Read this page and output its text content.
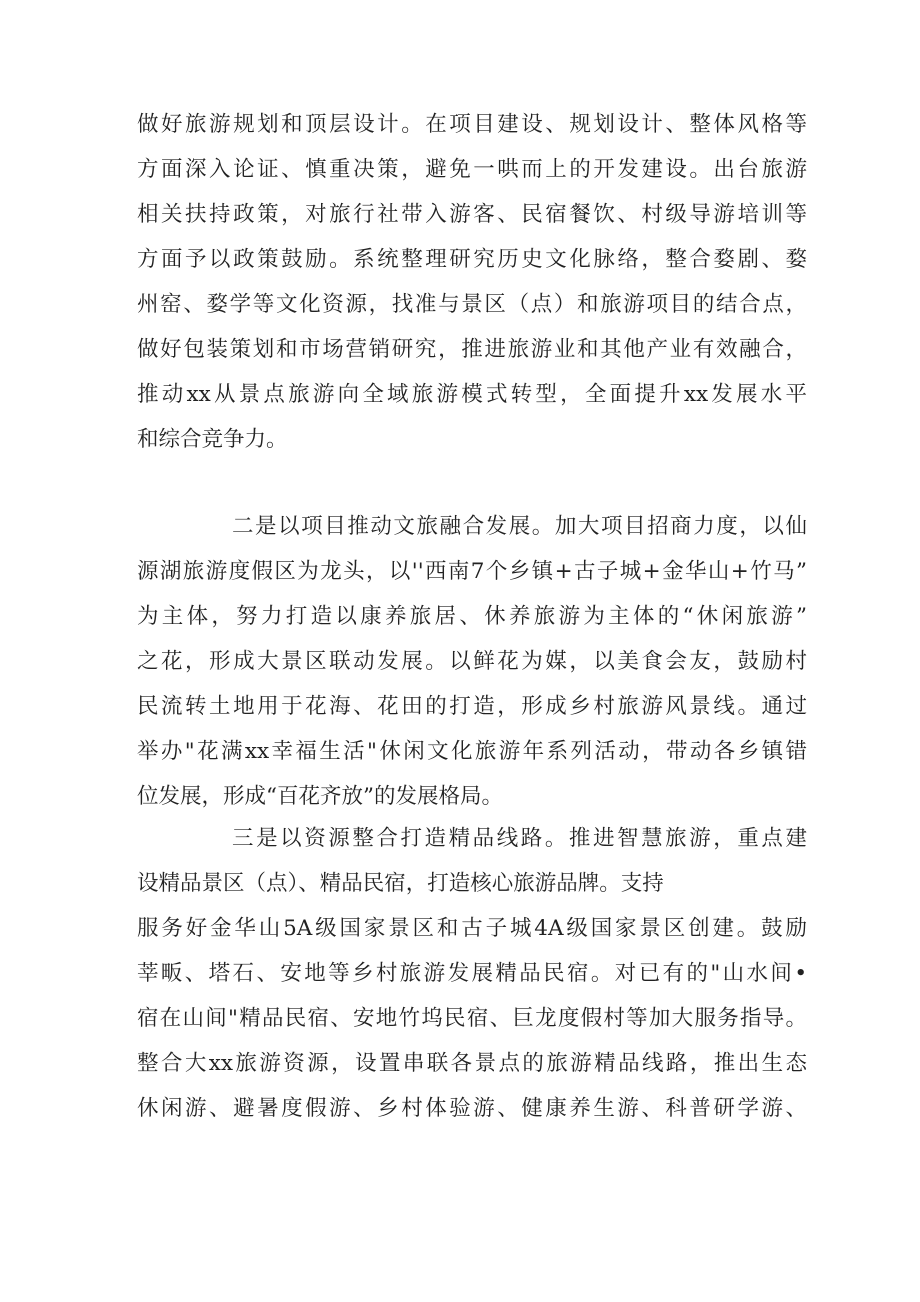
做好旅游规划和顶层设计。在项目建设、规划设计、整体风格等
方面深入论证、慎重决策，避免一哄而上的开发建设。出台旅游
相关扶持政策，对旅行社带入游客、民宿餐饮、村级导游培训等
方面予以政策鼓励。系统整理研究历史文化脉络，整合婺剧、婺
州窑、婺学等文化资源，找准与景区（点）和旅游项目的结合点，
做好包装策划和市场营销研究，推进旅游业和其他产业有效融合，
推动xx从景点旅游向全域旅游模式转型，全面提升xx发展水平
和综合竞争力。
二是以项目推动文旅融合发展。加大项目招商力度，以仙
源湖旅游度假区为龙头，以''西南7个乡镇+古子城+金华山+竹马”
为主体，努力打造以康养旅居、休养旅游为主体的“休闲旅游”
之花，形成大景区联动发展。以鲜花为媒，以美食会友，鼓励村
民流转土地用于花海、花田的打造，形成乡村旅游风景线。通过
举办"花满xx幸福生活"休闲文化旅游年系列活动，带动各乡镇错
位发展，形成“百花齐放”的发展格局。
三是以资源整合打造精品线路。推进智慧旅游，重点建
设精品景区（点）、精品民宿，打造核心旅游品牌。支持
服务好金华山5A级国家景区和古子城4A级国家景区创建。鼓励
莘畈、塔石、安地等乡村旅游发展精品民宿。对已有的"山水间•
宿在山间"精品民宿、安地竹坞民宿、巨龙度假村等加大服务指导。
整合大xx旅游资源，设置串联各景点的旅游精品线路，推出生态
休闲游、避暑度假游、乡村体验游、健康养生游、科普研学游、
